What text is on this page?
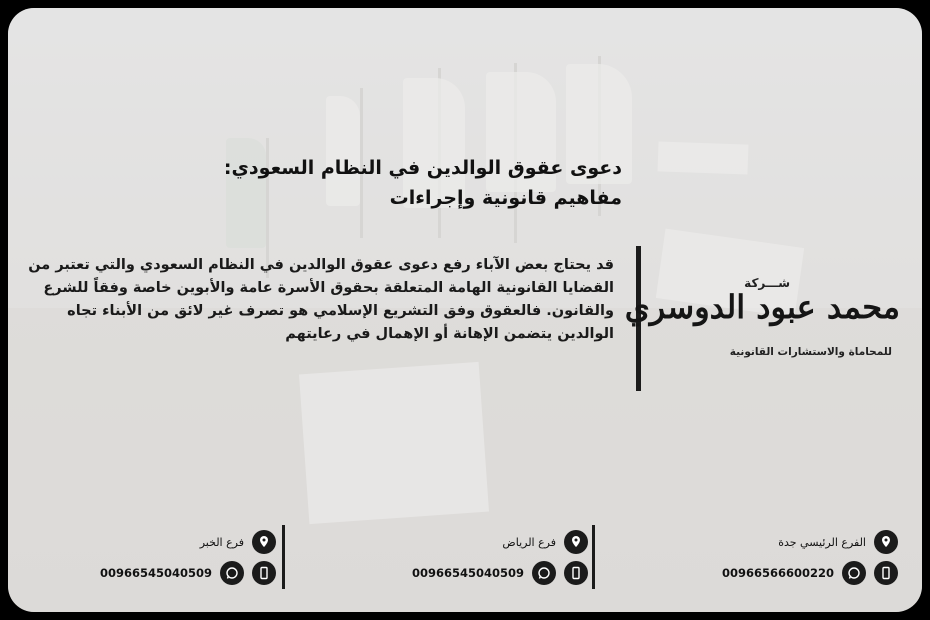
دعوى عقوق الوالدين في النظام السعودي: مفاهيم قانونية وإجراءات
قد يحتاج بعض الآباء رفع دعوى عقوق الوالدين في النظام السعودي والتي تعتبر من القضايا القانونية الهامة المتعلقة بحقوق الأسرة عامة والأبوين خاصة وفقاً للشرع والقانون. فالعقوق وفق التشريع الإسلامي هو تصرف غير لائق من الأبناء تجاه الوالدين يتضمن الإهانة أو الإهمال في رعايتهم
شـــركة
محمد عبود الدوسري
للمحاماة والاستشارات القانونية
الفرع الرئيسي جدة
00966566600220
فرع الرياض
00966545040509
فرع الخبر
00966545040509
